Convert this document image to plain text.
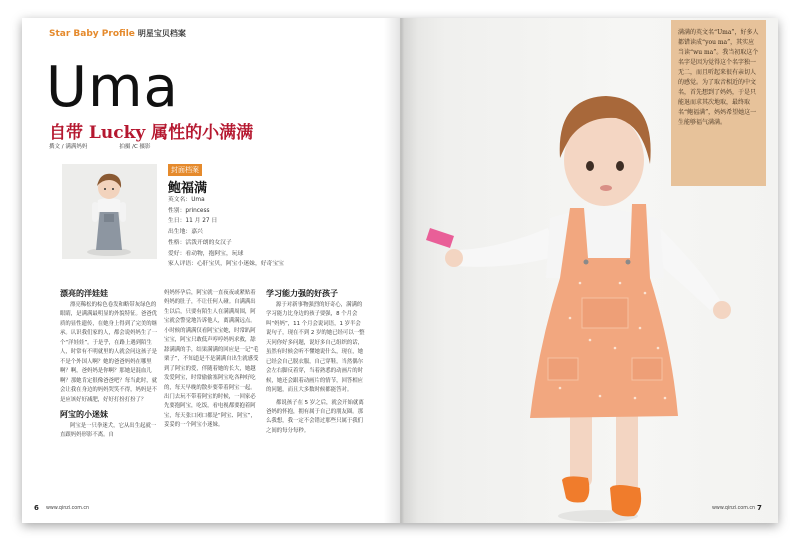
Star Baby Profile 明星宝贝档案
Uma
自带 Lucky 属性的小满满
撰文 / 满满妈妈	拍摄 /C 摄影
封面档案
鲍福满
英文名：Uma
性别：princess
生日：11 月 27 日
出生地：嘉兴
性格：活泼开朗的女汉子
爱好：看动物，抱阿宝，玩球
家人评语：心肝宝贝，阿宝小迷妹，好奇宝宝
漂亮的洋娃娃

漂亮稀松的棕色卷发和略带灰绿色的眼睛，是满满最明显的外貌特征。爸爸优质的显性遗传，在她身上得到了完美的继承。认识我们家的人，都会说妈妈生了一个“洋娃娃”。于是乎，在路上遇到陌生人，时常有不明就里的人就会问这孩子是不是个外国人啊？她的爸爸妈妈在哪里啊？啊，爸妈妈是你啊？那她是混血儿啊？那她肯定很像爸爸吧？每当此时，就会让我在身边的妈妈哭笑不得，妈妈是不是应该好好减肥，好好打扮打扮了？

阿宝的小迷妹

阿宝是一只拳迷犬，它从出生起就一直跟妈妈形影不离。自

妈妈怀孕后，阿宝就一直夜夜或紧贴着妈妈的肚子，不让任何人碰。自满满出生以后，只要有陌生人在满满周围，阿宝就会警觉地告诉他人，离满满远点。小时候的满满仅看阿宝宝她，时常趴阿宝宝，阿宝只敢低声哼哼妈妈求救，舔舔满满的手，结果满满的回应是一记“毛栗子”，不知道是不是满满自出生就感受到了阿宝的爱，伴随着她的长大，她越发爱阿宝，时常偷偷塞阿宝吃各种好吃的，每天早晚的散步要带着阿宝一起。出门去玩不带着阿宝的时候，一回家必先要抱阿宝，吃饭，看电视都要抱着阿宝，每天张口闭口都是“阿宝、阿宝”，妥妥的一个阿宝小迷妹。

学习能力强的好孩子

源于对新事物强烈的好奇心，满满的学习能力比身边的孩子要强，8 个月会叫“妈妈”，11 个月会说词语，1 岁半会说句子，现在不到 2 岁的她已经可以一整天问你好多问题，说好多自己组织的话，虽然有时候会听不懂她说什么，现在，她已经会自己脱衣服，自己穿鞋，当然偶尔会左右脚反着穿，当着熟悉的动画片的时候，她还会跟着动画片的情节，回答相应的问题，而且大多数时候都能答对。

都说孩子在 5 岁之后，就会开始就离爸妈的怀抱，拥有属于自己的朋友圈。那么我想，我一定不会错过那些只属于我们之间的每分每秒。

6 www.qinzi.com.cn
满满的英文名“Uma”，好多人都错读成“you ma”，其实应当读“wu ma”。我当初取这个名字是因为觉得这个名字独一无二，而且听起来很有亲切人的感觉。为了取音相近的中文名，首先想到了妈妈，于是只能退而求其次地取，最终取名“鲍福满”，妈妈希望她这一生能够福气满满。
www.qinzi.com.cn 7
